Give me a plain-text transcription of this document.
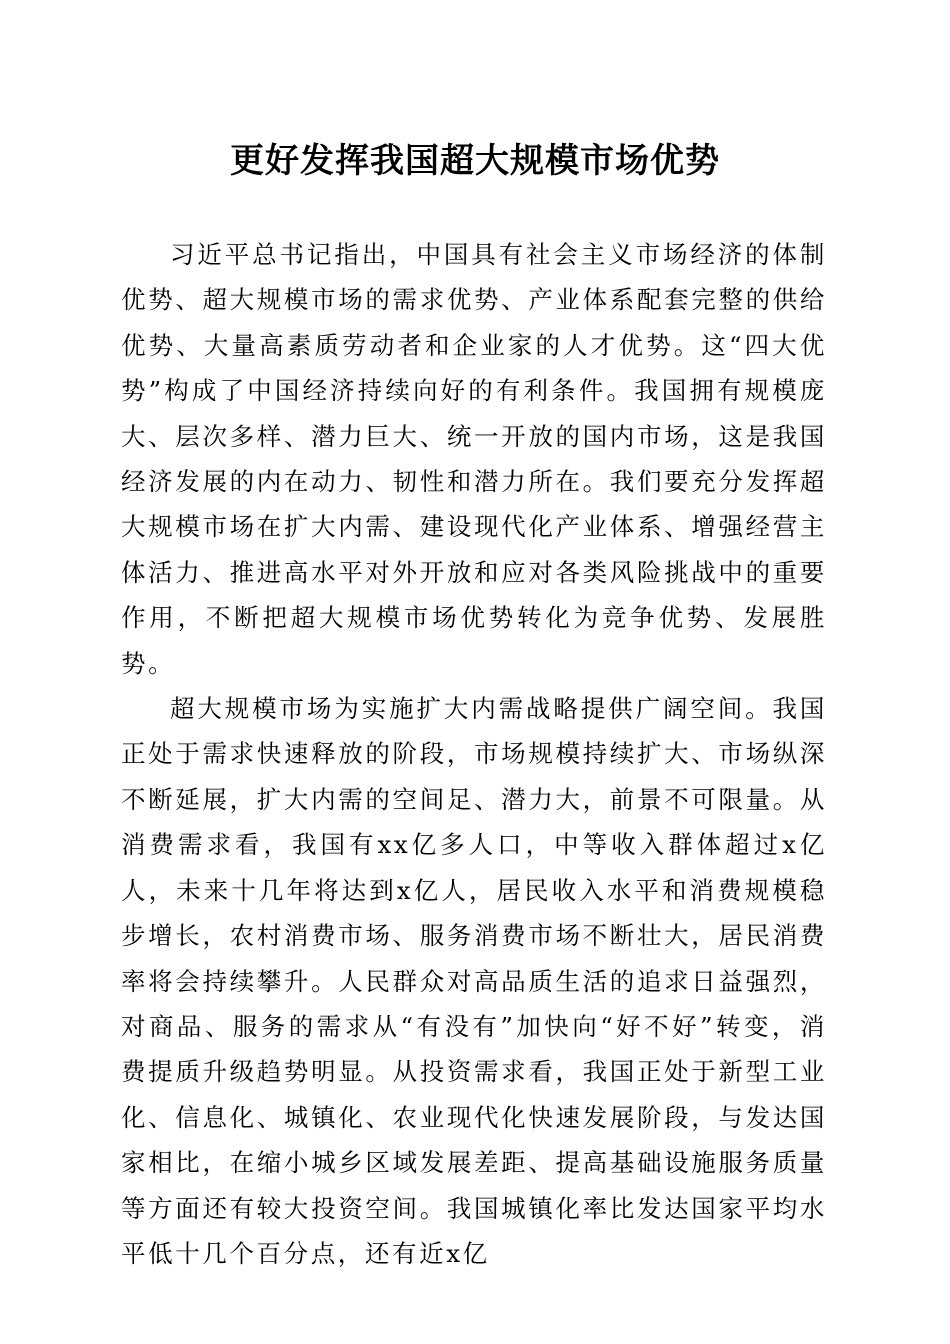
更好发挥我国超大规模市场优势

习近平总书记指出，中国具有社会主义市场经济的体制优势、超大规模市场的需求优势、产业体系配套完整的供给优势、大量高素质劳动者和企业家的人才优势。这“四大优势”构成了中国经济持续向好的有利条件。我国拥有规模庞大、层次多样、潜力巨大、统一开放的国内市场，这是我国经济发展的内在动力、韧性和潜力所在。我们要充分发挥超大规模市场在扩大内需、建设现代化产业体系、增强经营主体活力、推进高水平对外开放和应对各类风险挑战中的重要作用，不断把超大规模市场优势转化为竞争优势、发展胜势。

超大规模市场为实施扩大内需战略提供广阔空间。我国正处于需求快速释放的阶段，市场规模持续扩大、市场纵深不断延展，扩大内需的空间足、潜力大，前景不可限量。从消费需求看，我国有xx亿多人口，中等收入群体超过x亿人，未来十几年将达到x亿人，居民收入水平和消费规模稳步增长，农村消费市场、服务消费市场不断壮大，居民消费率将会持续攀升。人民群众对高品质生活的追求日益强烈，对商品、服务的需求从“有没有”加快向“好不好”转变，消费提质升级趋势明显。从投资需求看，我国正处于新型工业化、信息化、城镇化、农业现代化快速发展阶段，与发达国家相比，在缩小城乡区域发展差距、提高基础设施服务质量等方面还有较大投资空间。我国城镇化率比发达国家平均水平低十几个百分点，还有近x亿
